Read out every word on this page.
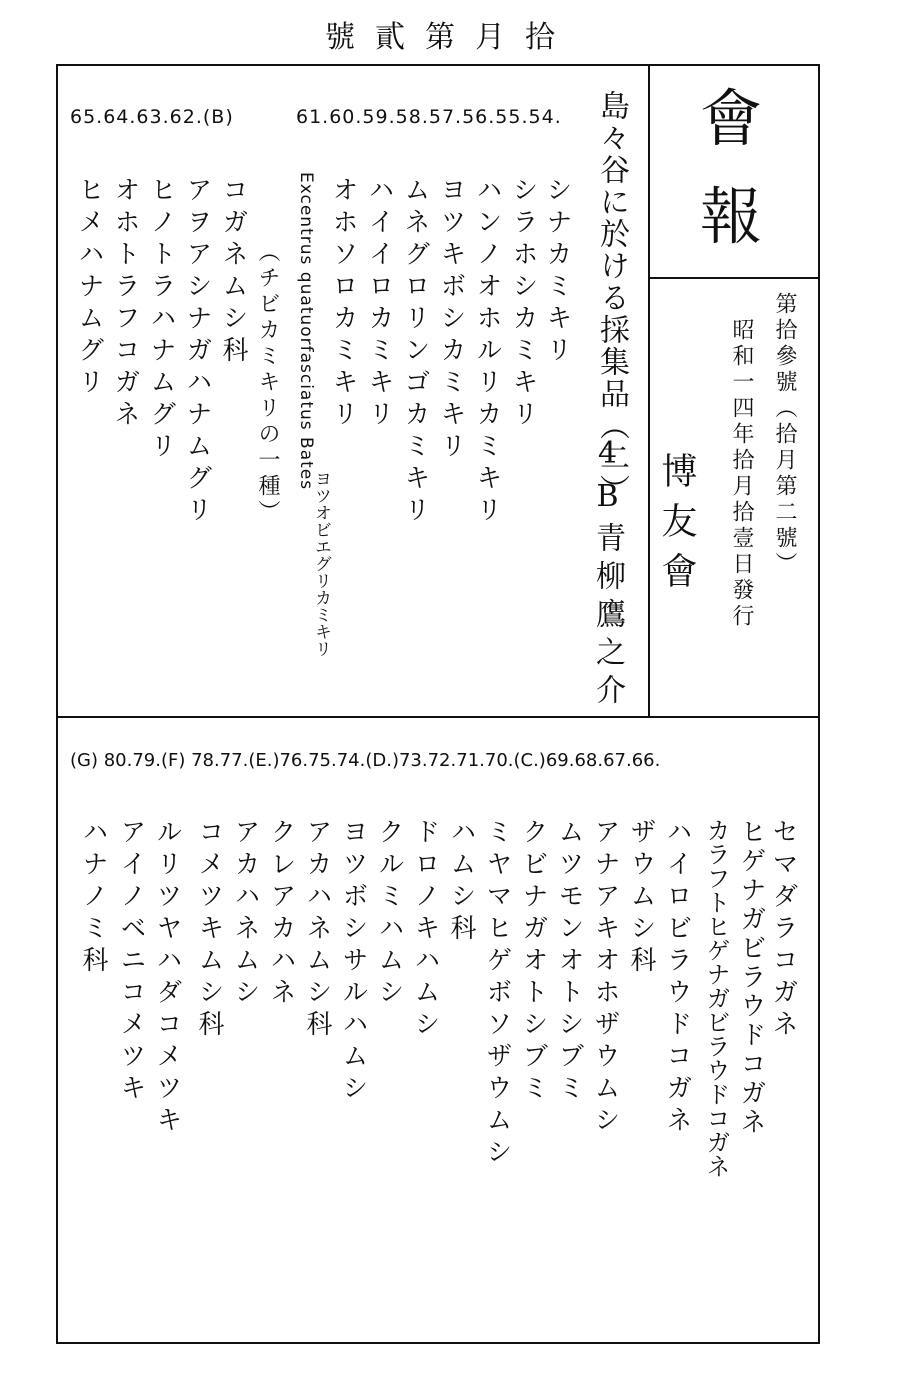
號貳第月拾
會
報
第拾參號（拾月第二號）
昭和一四年拾月拾壹日發行
博友會
島々谷に於ける採集品（二）
4B青柳鷹之介
61.60.59.58.57.56.55.54.
65.64.63.62.(B)
シナカミキリ
シラホシカミキリ
ハンノオホルリカミキリ
ヨツキボシカミキリ
ムネグロリンゴカミキリ
ハイイロカミキリ
オホソロカミキリ
Excentrus quatuorfasciatus Bates
ヨツオビエグリカミキリ
（チビカミキリの一種）
コガネムシ科
アヲアシナガハナムグリ
ヒノトラハナムグリ
オホトラフコガネ
ヒメハナムグリ
(G) 80.79.(F) 78.77.(E.)76.75.74.(D.)73.72.71.70.(C.)69.68.67.66.
セマダラコガネ
ヒゲナガビラウドコガネ
カラフトヒゲナガビラウドコガネ
ハイロビラウドコガネ
ザウムシ科
アナアキオホザウムシ
ムツモンオトシブミ
クビナガオトシブミ
ミヤマヒゲボソザウムシ
ハムシ科
ドロノキハムシ
クルミハムシ
ヨツボシサルハムシ
アカハネムシ科
クレアカハネ
アカハネムシ
コメツキムシ科
ルリツヤハダコメツキ
アイノベニコメツキ
ハナノミ科
